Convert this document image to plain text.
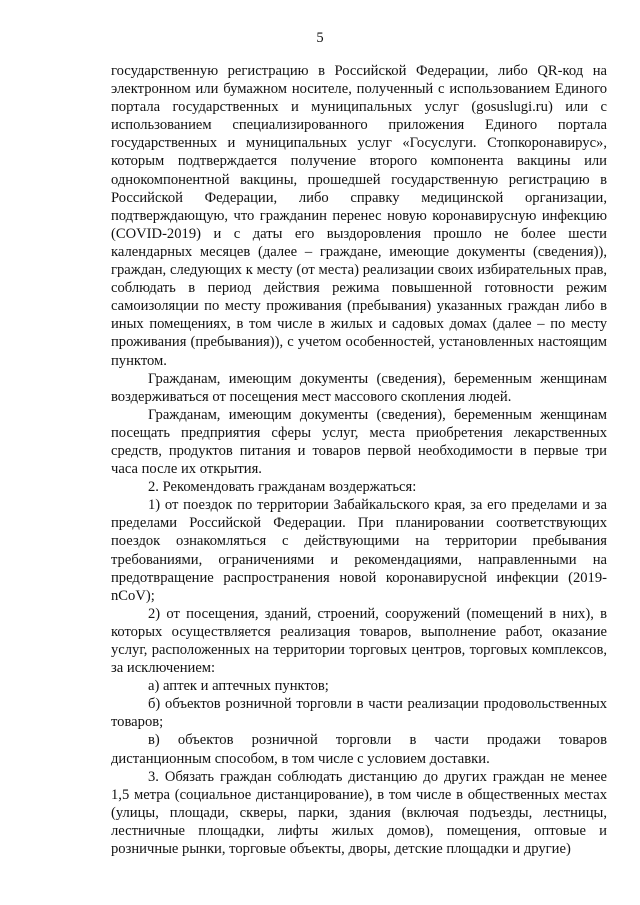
5

государственную регистрацию в Российской Федерации, либо QR-код на электронном или бумажном носителе, полученный с использованием Единого портала государственных и муниципальных услуг (gosuslugi.ru) или с использованием специализированного приложения Единого портала государственных и муниципальных услуг «Госуслуги. Стопкоронавирус», которым подтверждается получение второго компонента вакцины или однокомпонентной вакцины, прошедшей государственную регистрацию в Российской Федерации, либо справку медицинской организации, подтверждающую, что гражданин перенес новую коронавирусную инфекцию (COVID-2019) и с даты его выздоровления прошло не более шести календарных месяцев (далее – граждане, имеющие документы (сведения)), граждан, следующих к месту (от места) реализации своих избирательных прав, соблюдать в период действия режима повышенной готовности режим самоизоляции по месту проживания (пребывания) указанных граждан либо в иных помещениях, в том числе в жилых и садовых домах (далее – по месту проживания (пребывания)), с учетом особенностей, установленных настоящим пунктом.

Гражданам, имеющим документы (сведения), беременным женщинам воздерживаться от посещения мест массового скопления людей.

Гражданам, имеющим документы (сведения), беременным женщинам посещать предприятия сферы услуг, места приобретения лекарственных средств, продуктов питания и товаров первой необходимости в первые три часа после их открытия.

2. Рекомендовать гражданам воздержаться:

1) от поездок по территории Забайкальского края, за его пределами и за пределами Российской Федерации. При планировании соответствующих поездок ознакомляться с действующими на территории пребывания требованиями, ограничениями и рекомендациями, направленными на предотвращение распространения новой коронавирусной инфекции (2019-nCoV);

2) от посещения, зданий, строений, сооружений (помещений в них), в которых осуществляется реализация товаров, выполнение работ, оказание услуг, расположенных на территории торговых центров, торговых комплексов, за исключением:

а) аптек и аптечных пунктов;

б) объектов розничной торговли в части реализации продовольственных товаров;

в) объектов розничной торговли в части продажи товаров дистанционным способом, в том числе с условием доставки.

3. Обязать граждан соблюдать дистанцию до других граждан не менее 1,5 метра (социальное дистанцирование), в том числе в общественных местах (улицы, площади, скверы, парки, здания (включая подъезды, лестницы, лестничные площадки, лифты жилых домов), помещения, оптовые и розничные рынки, торговые объекты, дворы, детские площадки и другие)
